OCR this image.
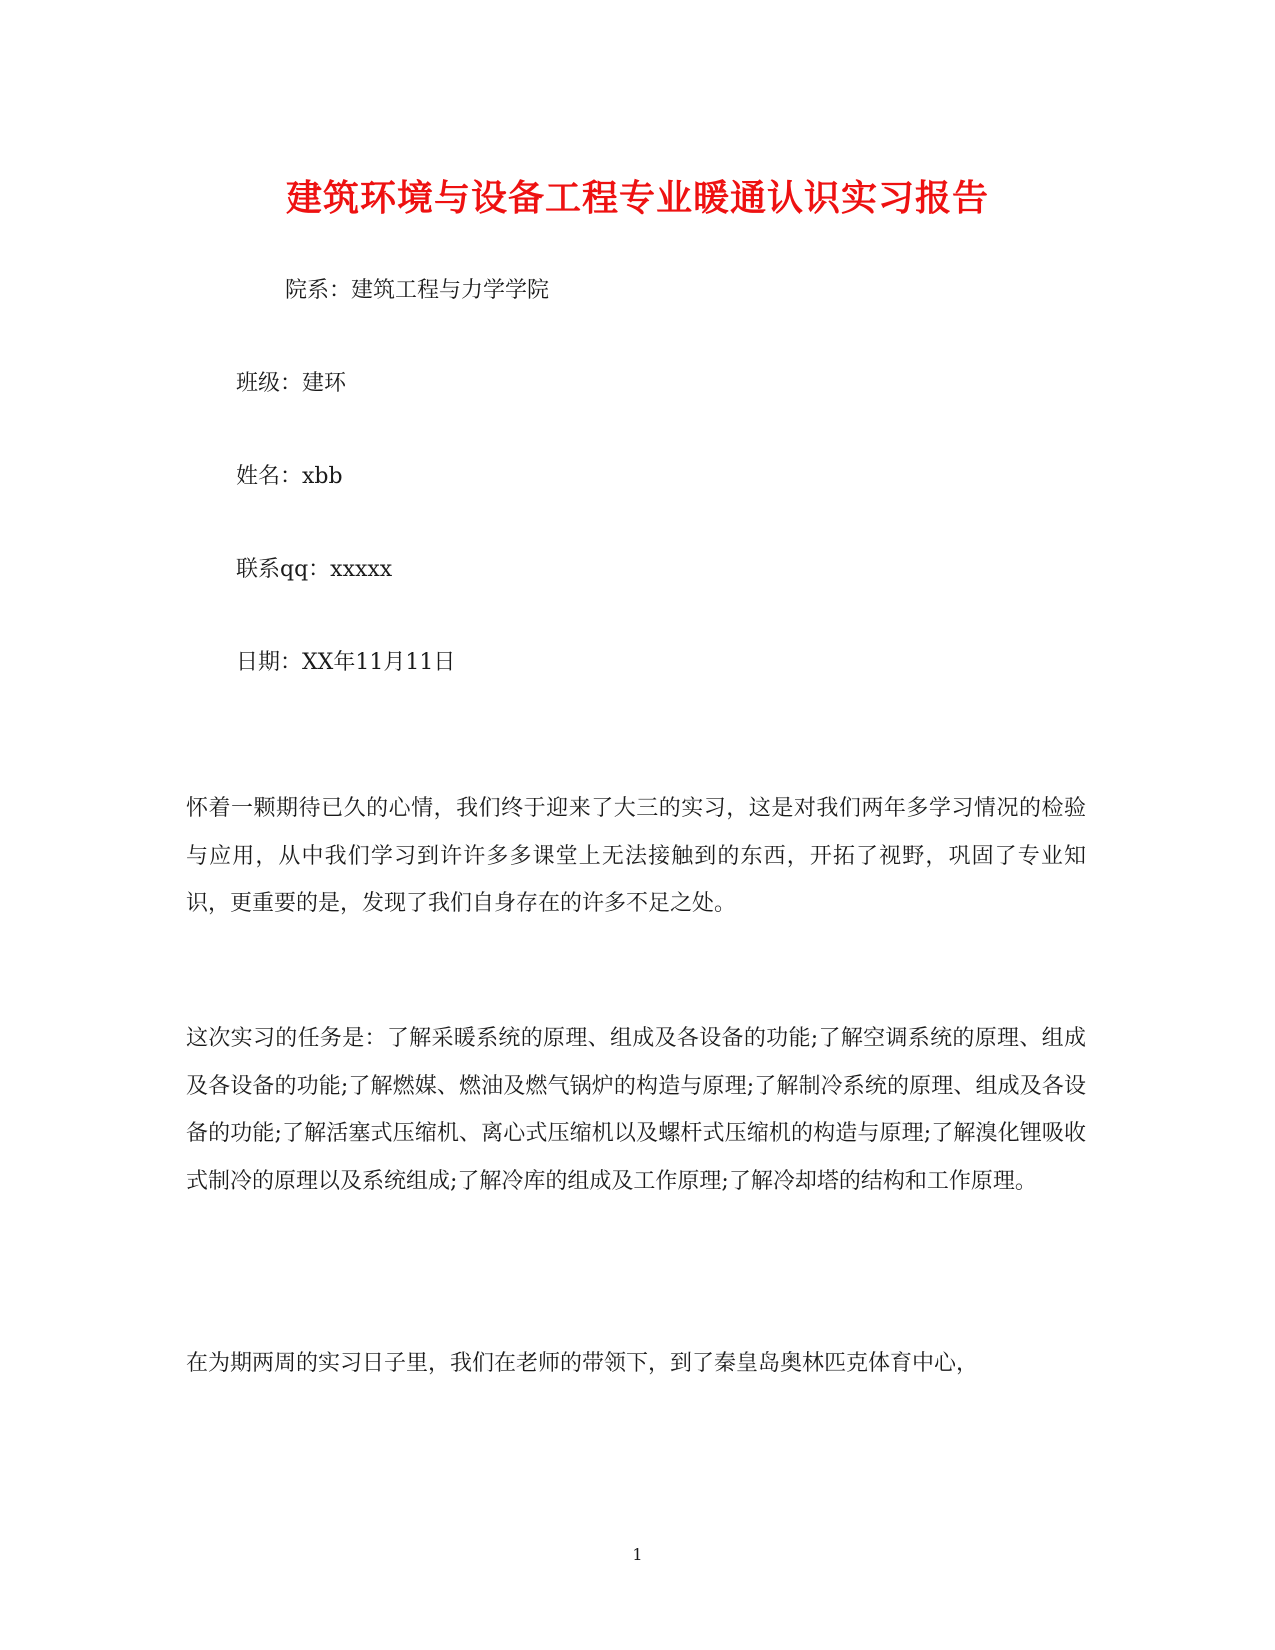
建筑环境与设备工程专业暖通认识实习报告
院系：建筑工程与力学学院
班级：建环
姓名：xbb
联系qq：xxxxx
日期：XX年11月11日
怀着一颗期待已久的心情，我们终于迎来了大三的实习，这是对我们两年多学习情况的检验与应用，从中我们学习到许许多多课堂上无法接触到的东西，开拓了视野，巩固了专业知识，更重要的是，发现了我们自身存在的许多不足之处。
这次实习的任务是：了解采暖系统的原理、组成及各设备的功能;了解空调系统的原理、组成及各设备的功能;了解燃媒、燃油及燃气锅炉的构造与原理;了解制冷系统的原理、组成及各设备的功能;了解活塞式压缩机、离心式压缩机以及螺杆式压缩机的构造与原理;了解溴化锂吸收式制冷的原理以及系统组成;了解冷库的组成及工作原理;了解冷却塔的结构和工作原理。
在为期两周的实习日子里，我们在老师的带领下，到了秦皇岛奥林匹克体育中心，
1
